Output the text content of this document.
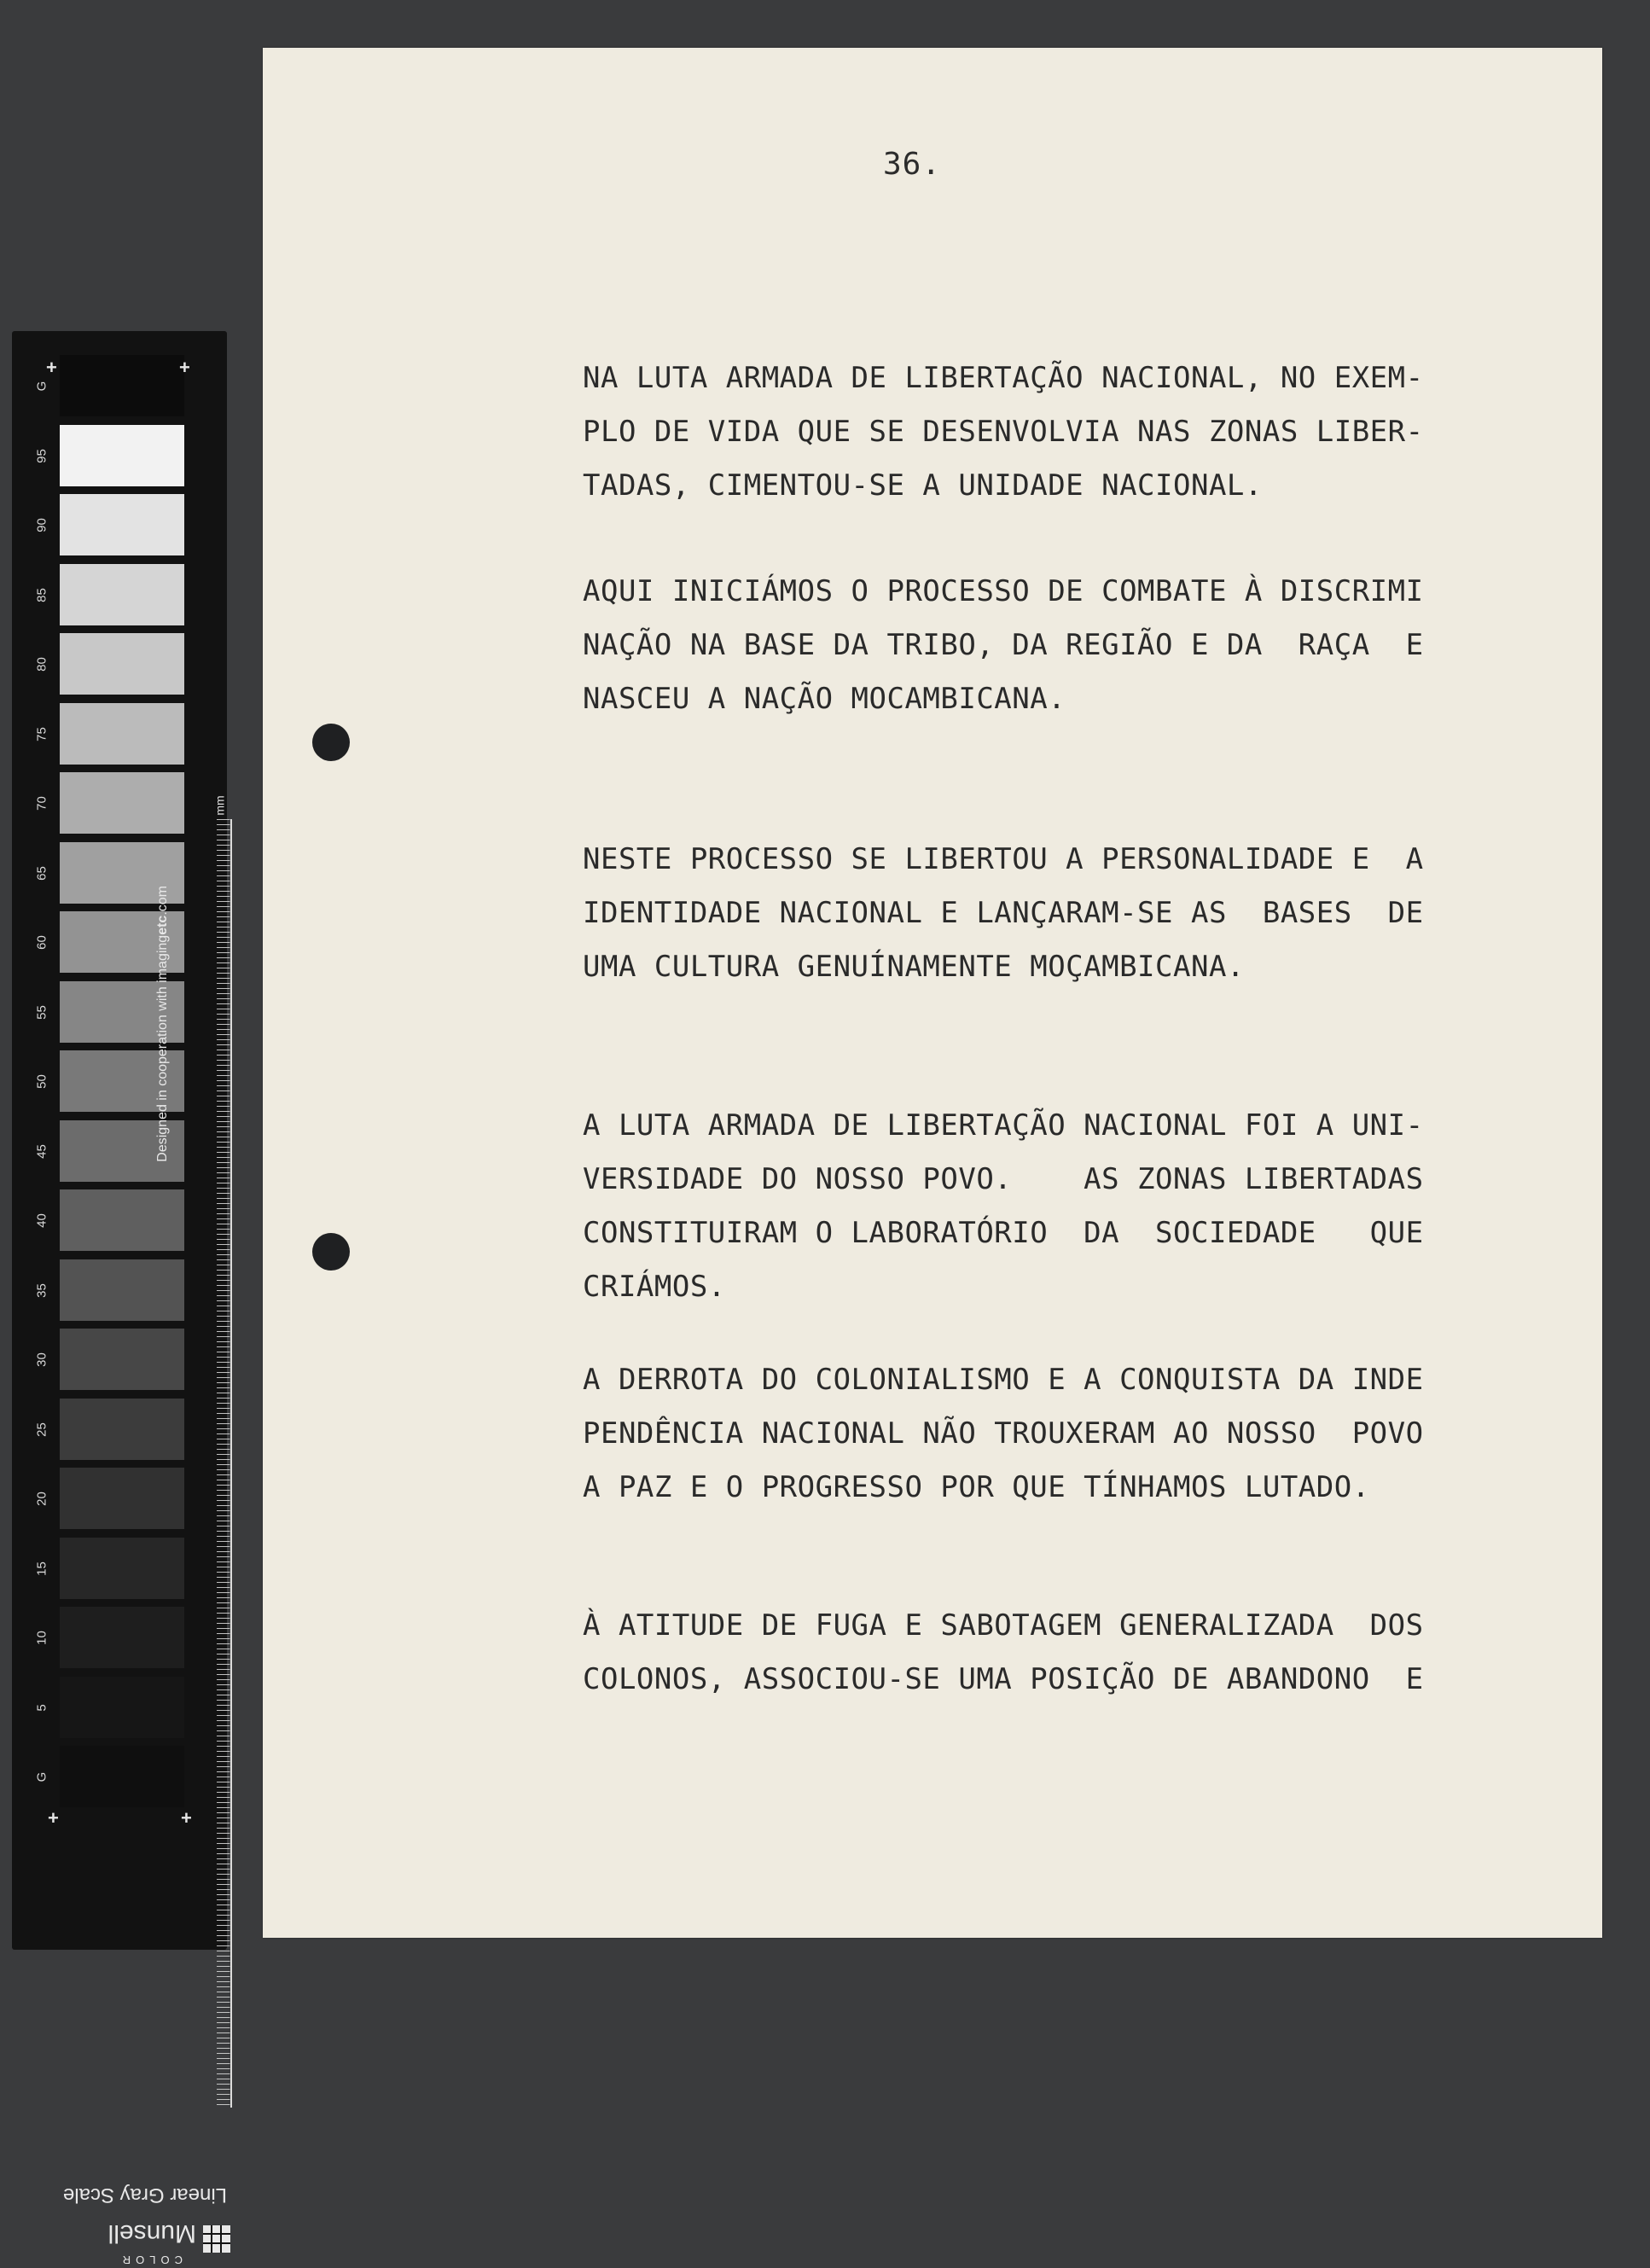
G
95
90
85
80
75
70
65
60
55
50
45
40
35
30
25
20
15
10
5
G
+	+
+	+
Designed in cooperation with imagingetc.com
mm
Linear Gray Scale
COLOR
Munsell
36.
NA LUTA ARMADA DE LIBERTAÇÃO NACIONAL, NO EXEM-
PLO DE VIDA QUE SE DESENVOLVIA NAS ZONAS LIBER-
TADAS, CIMENTOU-SE A UNIDADE NACIONAL.
AQUI INICIÁMOS O PROCESSO DE COMBATE À DISCRIMI
NAÇÃO NA BASE DA TRIBO, DA REGIÃO E DA  RAÇA  E
NASCEU A NAÇÃO MOCAMBICANA.
NESTE PROCESSO SE LIBERTOU A PERSONALIDADE E  A
IDENTIDADE NACIONAL E LANÇARAM-SE AS  BASES  DE
UMA CULTURA GENUÍNAMENTE MOÇAMBICANA.
A LUTA ARMADA DE LIBERTAÇÃO NACIONAL FOI A UNI-
VERSIDADE DO NOSSO POVO.    AS ZONAS LIBERTADAS
CONSTITUIRAM O LABORATÓRIO  DA  SOCIEDADE   QUE
CRIÁMOS.
A DERROTA DO COLONIALISMO E A CONQUISTA DA INDE
PENDÊNCIA NACIONAL NÃO TROUXERAM AO NOSSO  POVO
A PAZ E O PROGRESSO POR QUE TÍNHAMOS LUTADO.
À ATITUDE DE FUGA E SABOTAGEM GENERALIZADA  DOS
COLONOS, ASSOCIOU-SE UMA POSIÇÃO DE ABANDONO  E
